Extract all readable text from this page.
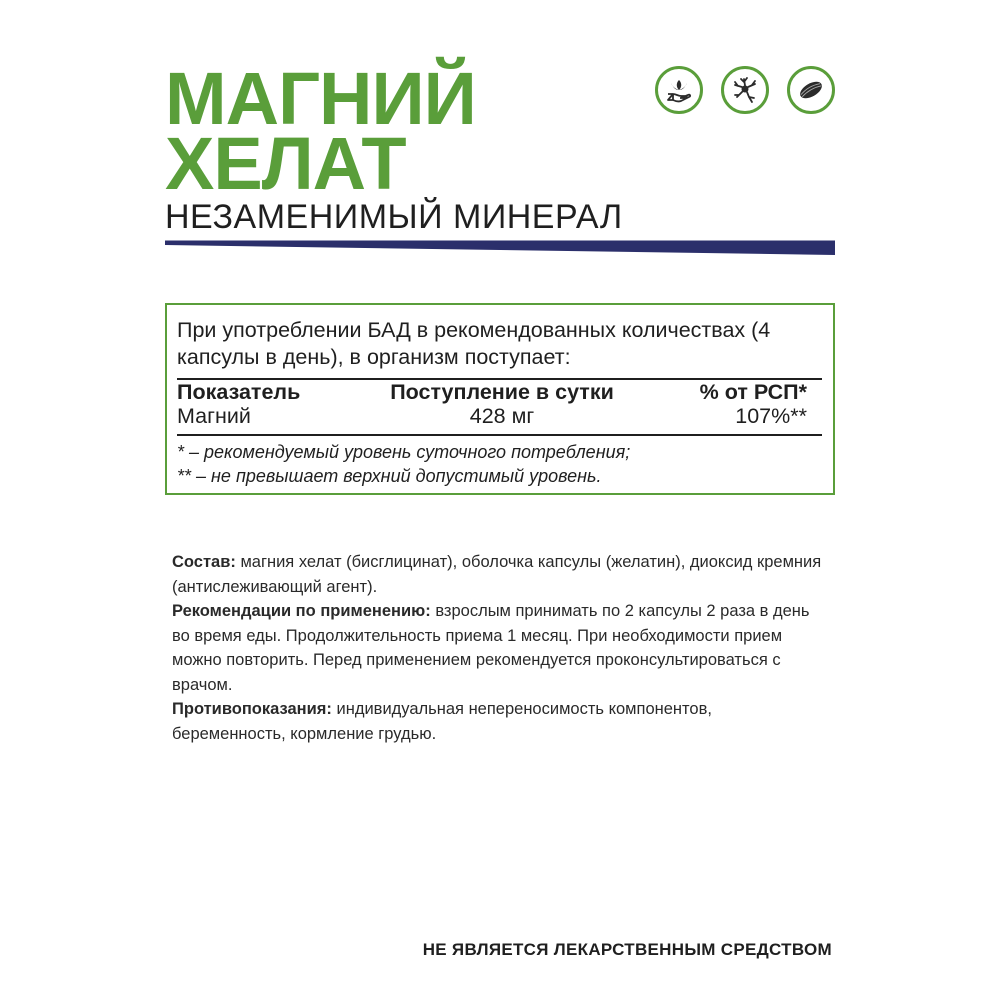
МАГНИЙ
ХЕЛАТ

НЕЗАМЕНИМЫЙ МИНЕРАЛ

При употреблении БАД в рекомендованных количествах (4 капсулы в день), в организм поступает:

Показатель	Поступление в сутки	% от РСП*
Магний	428 мг	107%**

* – рекомендуемый уровень суточного потребления;
** – не превышает верхний допустимый уровень.

Состав: магния хелат (бисглицинат), оболочка капсулы (желатин), диоксид кремния (антислеживающий агент).
Рекомендации по применению: взрослым принимать по 2 капсулы 2 раза в день во время еды. Продолжительность приема 1 месяц. При необходимости прием можно повторить. Перед применением рекомендуется проконсультироваться с врачом.
Противопоказания: индивидуальная непереносимость компонентов, беременность, кормление грудью.

НЕ ЯВЛЯЕТСЯ ЛЕКАРСТВЕННЫМ СРЕДСТВОМ
